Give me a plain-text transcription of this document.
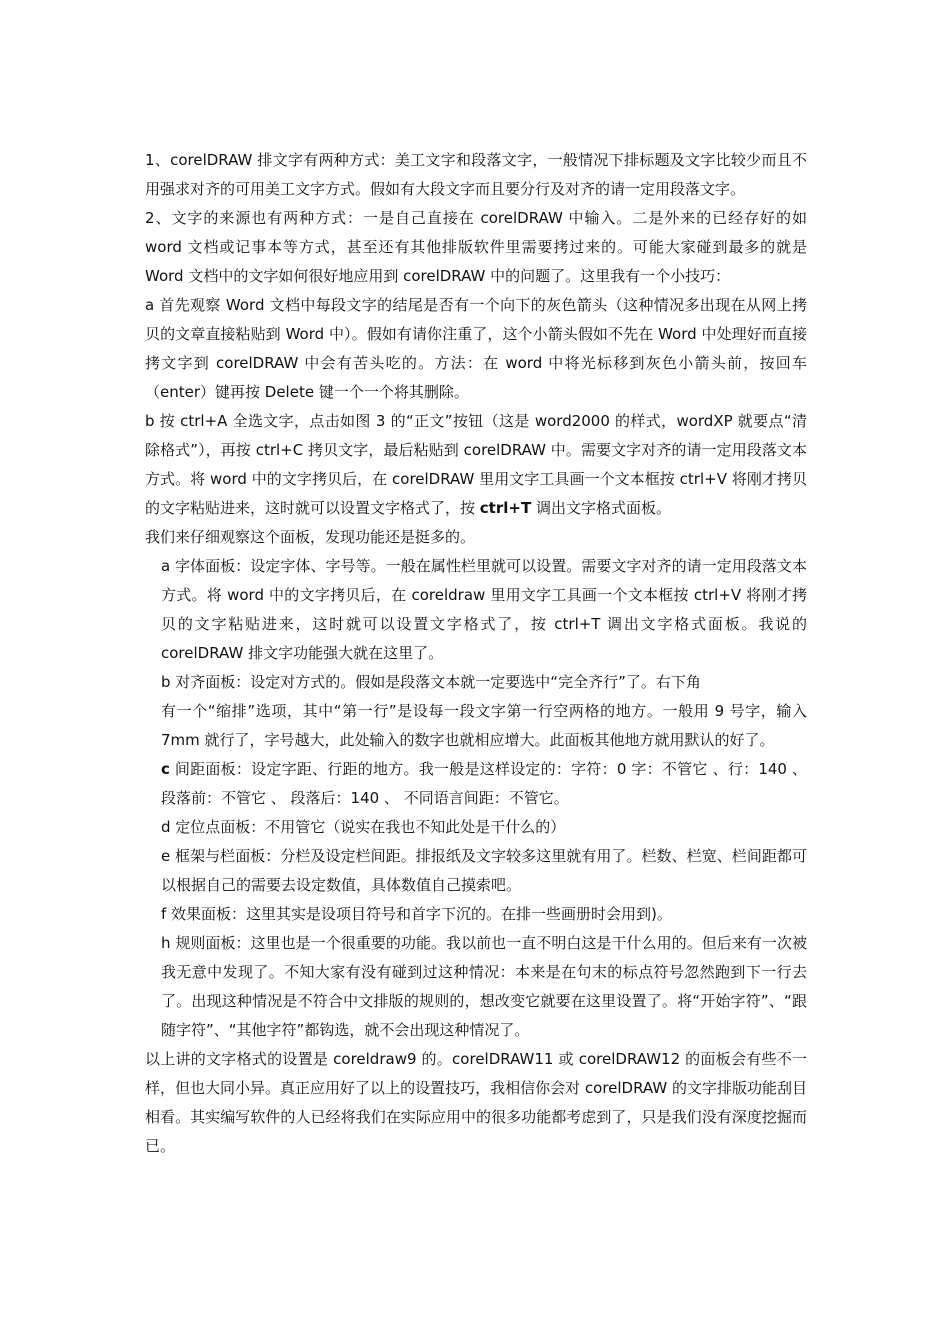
1、corelDRAW 排文字有两种方式：美工文字和段落文字，一般情况下排标题及文字比较少而且不用强求对齐的可用美工文字方式。假如有大段文字而且要分行及对齐的请一定用段落文字。

2、文字的来源也有两种方式：一是自己直接在 corelDRAW 中输入。二是外来的已经存好的如 word 文档或记事本等方式，甚至还有其他排版软件里需要拷过来的。可能大家碰到最多的就是 Word 文档中的文字如何很好地应用到 corelDRAW 中的问题了。这里我有一个小技巧：

a 首先观察 Word 文档中每段文字的结尾是否有一个向下的灰色箭头（这种情况多出现在从网上拷贝的文章直接粘贴到 Word 中）。假如有请你注重了，这个小箭头假如不先在 Word 中处理好而直接拷文字到 corelDRAW 中会有苦头吃的。方法：在 word 中将光标移到灰色小箭头前，按回车（enter）键再按 Delete 键一个一个将其删除。

b 按 ctrl+A 全选文字，点击如图 3 的“正文”按钮（这是 word2000 的样式，wordXP 就要点“清除格式”），再按 ctrl+C 拷贝文字，最后粘贴到 corelDRAW 中。需要文字对齐的请一定用段落文本方式。将 word 中的文字拷贝后，在 corelDRAW 里用文字工具画一个文本框按 ctrl+V 将刚才拷贝的文字粘贴进来，这时就可以设置文字格式了，按 ctrl+T 调出文字格式面板。

我们来仔细观察这个面板，发现功能还是挺多的。

a 字体面板：设定字体、字号等。一般在属性栏里就可以设置。需要文字对齐的请一定用段落文本方式。将 word 中的文字拷贝后，在 coreldraw 里用文字工具画一个文本框按 ctrl+V 将刚才拷贝的文字粘贴进来，这时就可以设置文字格式了，按 ctrl+T 调出文字格式面板。我说的 corelDRAW 排文字功能强大就在这里了。

b 对齐面板：设定对方式的。假如是段落文本就一定要选中“完全齐行”了。右下角

有一个“缩排”选项，其中“第一行”是设每一段文字第一行空两格的地方。一般用 9 号字，输入 7mm 就行了，字号越大，此处输入的数字也就相应增大。此面板其他地方就用默认的好了。

c 间距面板：设定字距、行距的地方。我一般是这样设定的：字符：0 字：不管它 、行：140 、 段落前：不管它 、 段落后：140 、 不同语言间距：不管它。

d 定位点面板：不用管它（说实在我也不知此处是干什么的）

e 框架与栏面板：分栏及设定栏间距。排报纸及文字较多这里就有用了。栏数、栏宽、栏间距都可以根据自己的需要去设定数值，具体数值自己摸索吧。

f 效果面板：这里其实是设项目符号和首字下沉的。在排一些画册时会用到)。

h 规则面板：这里也是一个很重要的功能。我以前也一直不明白这是干什么用的。但后来有一次被我无意中发现了。不知大家有没有碰到过这种情况：本来是在句末的标点符号忽然跑到下一行去了。出现这种情况是不符合中文排版的规则的，想改变它就要在这里设置了。将“开始字符”、“跟随字符”、“其他字符”都钩选，就不会出现这种情况了。

以上讲的文字格式的设置是 coreldraw9 的。corelDRAW11 或 corelDRAW12 的面板会有些不一样，但也大同小异。真正应用好了以上的设置技巧，我相信你会对 corelDRAW 的文字排版功能刮目相看。其实编写软件的人已经将我们在实际应用中的很多功能都考虑到了，只是我们没有深度挖掘而已。
